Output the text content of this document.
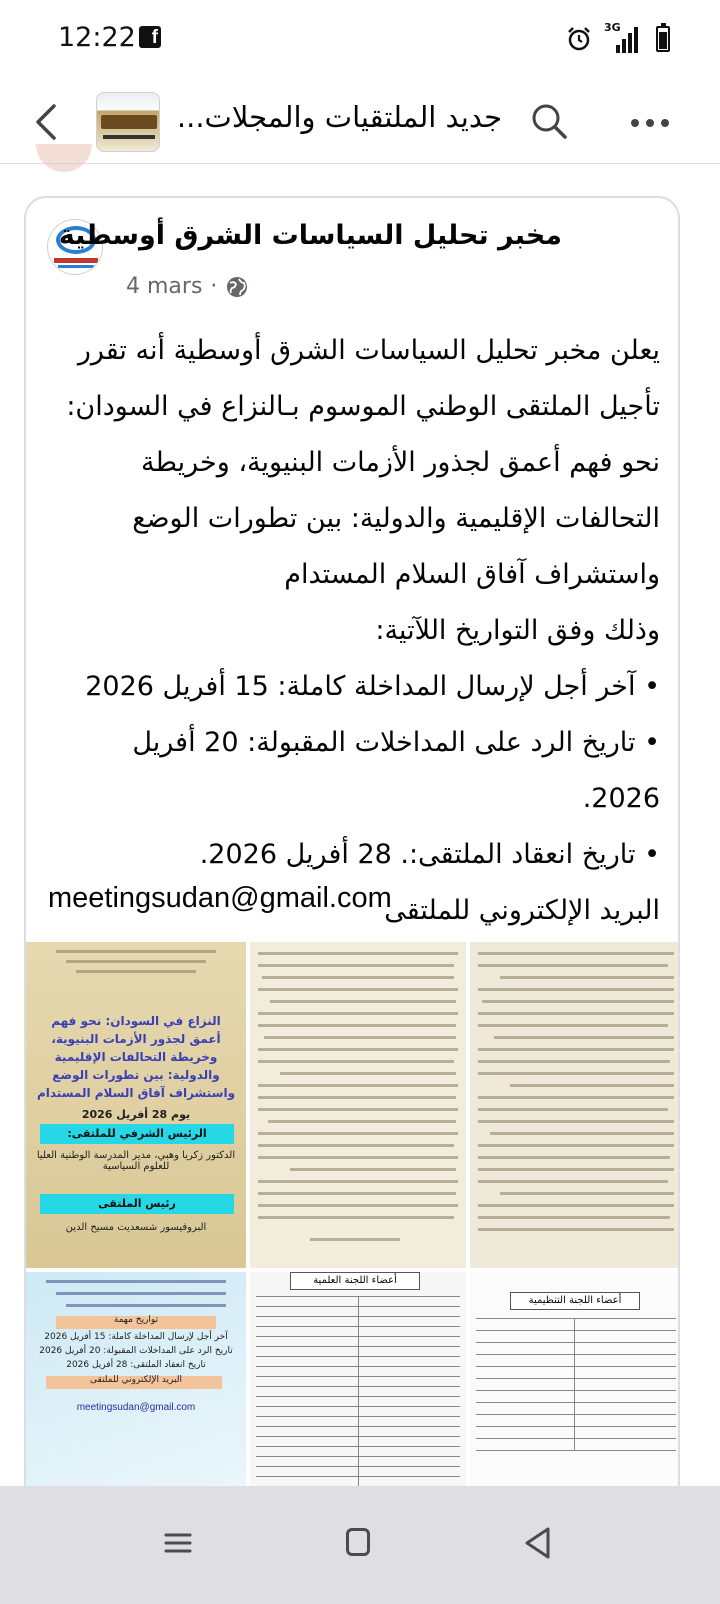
12:22 f	3G
جديد الملتقيات والمجلات...
مخبر تحليل السياسات الشرق أوسطية
4 mars ·

يعلن مخبر تحليل السياسات الشرق أوسطية أنه تقرر

تأجيل الملتقى الوطني الموسوم بـالنزاع في السودان:

نحو فهم أعمق لجذور الأزمات البنيوية، وخريطة

التحالفات الإقليمية والدولية: بين تطورات الوضع

واستشراف آفاق السلام المستدام

وذلك وفق التواريخ اللآتية:

• آخر أجل لإرسال المداخلة كاملة: 15 أفريل 2026

• تاريخ الرد على المداخلات المقبولة: 20 أفريل 2026.

• تاريخ انعقاد الملتقى:. 28 أفريل 2026.

البريد الإلكتروني للملتقى

meetingsudan@gmail.com
النزاع في السودان: نحو فهم أعمق لجذور الأزمات البنيوية، وخريطة التحالفات الإقليمية والدولية: بين تطورات الوضع واستشراف آفاق السلام المستدام
يوم 28 أفريل 2026
الرئيس الشرفي للملتقى:
الدكتور زكريا وهبي، مدير المدرسة الوطنية العليا للعلوم السياسية
رئيس الملتقى
البروفيسور شسعديت مسيح الدين
تواريخ مهمة
آخر أجل لإرسال المداخلة كاملة: 15 أفريل 2026
تاريخ الرد على المداخلات المقبولة: 20 أفريل 2026
تاريخ انعقاد الملتقى: 28 أفريل 2026
البريد الإلكتروني للملتقى
meetingsudan@gmail.com
أعضاء اللجنة العلمية
أعضاء اللجنة التنظيمية
